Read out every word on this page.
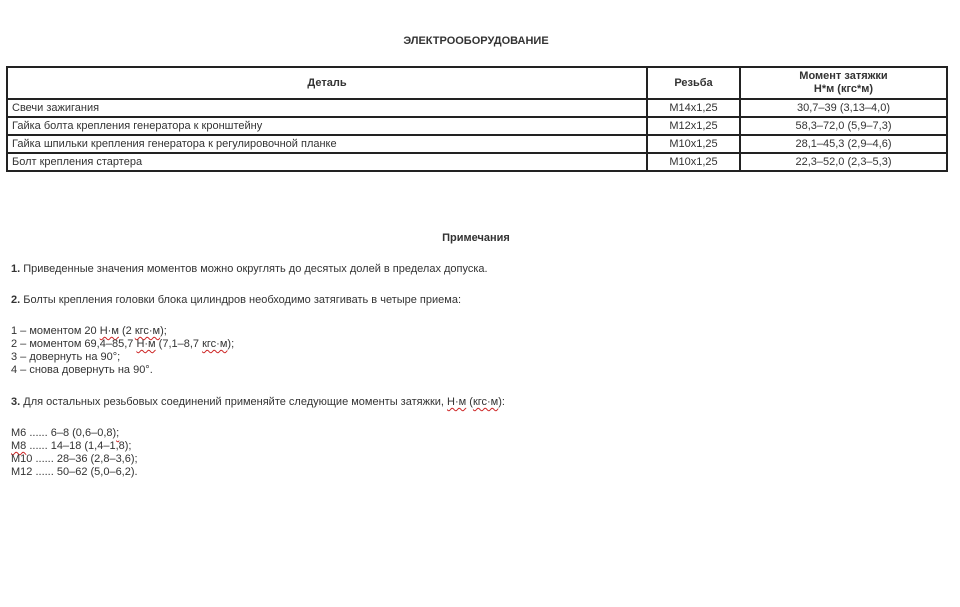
ЭЛЕКТРООБОРУДОВАНИЕ
Деталь	Резьба	Момент затяжки
Н*м (кгс*м)
Свечи зажигания	M14x1,25	30,7–39 (3,13–4,0)
Гайка болта крепления генератора к кронштейну	M12x1,25	58,3–72,0 (5,9–7,3)
Гайка шпильки крепления генератора к регулировочной планке	M10x1,25	28,1–45,3 (2,9–4,6)
Болт крепления стартера	M10x1,25	22,3–52,0 (2,3–5,3)
Примечания
1. Приведенные значения моментов можно округлять до десятых долей в пределах допуска.
2. Болты крепления головки блока цилиндров необходимо затягивать в четыре приема:
1 – моментом 20 Н·м (2 кгс·м);
2 – моментом 69,4–85,7 Н·м (7,1–8,7 кгс·м);
3 – довернуть на 90°;
4 – снова довернуть на 90°.
3. Для остальных резьбовых соединений применяйте следующие моменты затяжки, Н·м (кгс·м):
М6 ...... 6–8 (0,6–0,8);
М8 ...... 14–18 (1,4–1,8);
М10 ...... 28–36 (2,8–3,6);
М12 ...... 50–62 (5,0–6,2).
